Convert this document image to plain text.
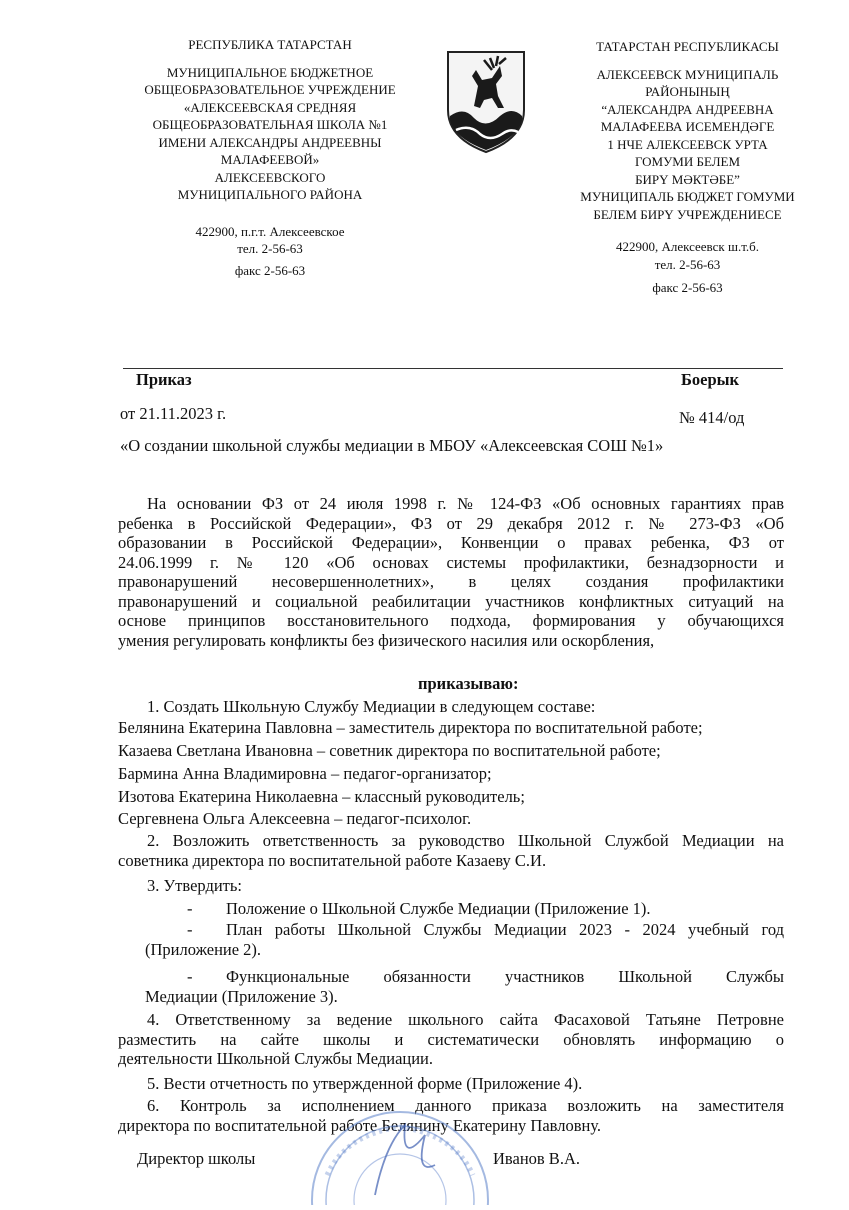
РЕСПУБЛИКА ТАТАРСТАН
МУНИЦИПАЛЬНОЕ БЮДЖЕТНОЕ
ОБЩЕОБРАЗОВАТЕЛЬНОЕ УЧРЕЖДЕНИЕ
«АЛЕКСЕЕВСКАЯ СРЕДНЯЯ
ОБЩЕОБРАЗОВАТЕЛЬНАЯ ШКОЛА №1
ИМЕНИ АЛЕКСАНДРЫ АНДРЕЕВНЫ
МАЛАФЕЕВОЙ»
АЛЕКСЕЕВСКОГО
МУНИЦИПАЛЬНОГО РАЙОНА
422900, п.г.т. Алексеевское
тел. 2-56-63
факс 2-56-63
ТАТАРСТАН РЕСПУБЛИКАСЫ
АЛЕКСЕЕВСК МУНИЦИПАЛЬ
РАЙОНЫНЫҢ
“АЛЕКСАНДРА АНДРЕЕВНА
МАЛАФЕЕВА ИСЕМЕНДӘГЕ
1 НЧЕ АЛЕКСЕЕВСК УРТА
ГОМУМИ БЕЛЕМ
БИРҮ МӘКТӘБЕ”
МУНИЦИПАЛЬ БЮДЖЕТ ГОМУМИ
БЕЛЕМ БИРҮ УЧРЕЖДЕНИЕСЕ
422900, Алексеевск ш.т.б.
тел. 2-56-63
факс 2-56-63
Приказ	Боерык
от 21.11.2023 г.	№ 414/од
«О создании школьной службы медиации в МБОУ «Алексеевская СОШ №1»
На основании ФЗ от 24 июля 1998 г. № 124-ФЗ «Об основных гарантиях прав
ребенка в Российской Федерации», ФЗ от 29 декабря 2012 г. № 273-ФЗ «Об
образовании в Российской Федерации», Конвенции о правах ребенка, ФЗ от
24.06.1999 г. № 120 «Об основах системы профилактики, безнадзорности и
правонарушений несовершеннолетних», в целях создания профилактики
правонарушений и социальной реабилитации участников конфликтных ситуаций на
основе принципов восстановительного подхода, формирования у обучающихся
умения регулировать конфликты без физического насилия или оскорбления,
приказываю:
1. Создать Школьную Службу Медиации в следующем составе:
Белянина Екатерина Павловна – заместитель директора по воспитательной работе;
Казаева Светлана Ивановна – советник директора по воспитательной работе;
Бармина Анна Владимировна – педагог-организатор;
Изотова Екатерина Николаевна – классный руководитель;
Сергевнена Ольга Алексеевна – педагог-психолог.
2. Возложить ответственность за руководство Школьной Службой Медиации на
советника директора по воспитательной работе Казаеву С.И.
3. Утвердить:
- Положение о Школьной Службе Медиации (Приложение 1).
-	План работы Школьной Службы Медиации 2023 - 2024 учебный год
(Приложение 2).
-	Функциональные обязанности участников Школьной Службы
Медиации (Приложение 3).
4. Ответственному за ведение школьного сайта Фасаховой Татьяне Петровне
разместить на сайте школы и систематически обновлять информацию о
деятельности Школьной Службы Медиации.
5. Вести отчетность по утвержденной форме (Приложение 4).
6. Контроль за исполнением данного приказа возложить на заместителя
директора по воспитательной работе Белянину Екатерину Павловну.
Директор школы	Иванов В.А.
